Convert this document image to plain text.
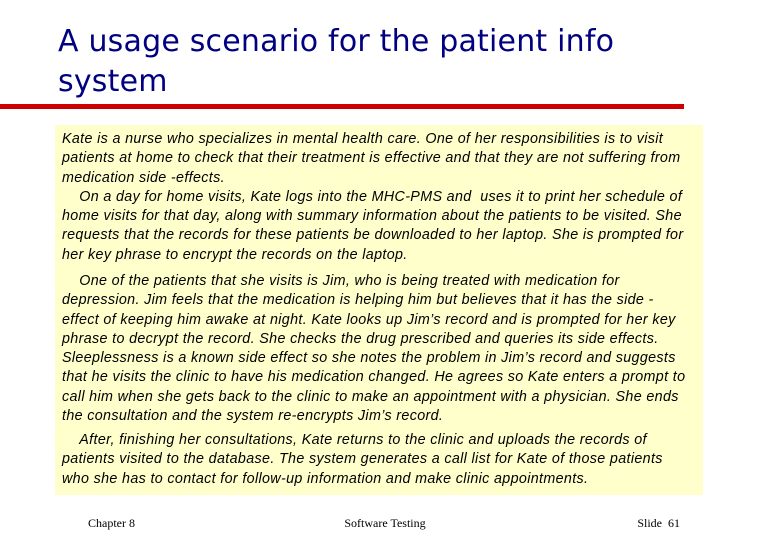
A usage scenario for the patient info system

Kate is a nurse who specializes in mental health care. One of her responsibilities is to visit patients at home to check that their treatment is effective and that they are not suffering from medication side -effects.
On a day for home visits, Kate logs into the MHC-PMS and  uses it to print her schedule of home visits for that day, along with summary information about the patients to be visited. She requests that the records for these patients be downloaded to her laptop. She is prompted for her key phrase to encrypt the records on the laptop.

One of the patients that she visits is Jim, who is being treated with medication for depression. Jim feels that the medication is helping him but believes that it has the side - effect of keeping him awake at night. Kate looks up Jim’s record and is prompted for her key phrase to decrypt the record. She checks the drug prescribed and queries its side effects. Sleeplessness is a known side effect so she notes the problem in Jim’s record and suggests that he visits the clinic to have his medication changed. He agrees so Kate enters a prompt to call him when she gets back to the clinic to make an appointment with a physician. She ends the consultation and the system re-encrypts Jim’s record.

After, finishing her consultations, Kate returns to the clinic and uploads the records of patients visited to the database. The system generates a call list for Kate of those patients who she has to contact for follow-up information and make clinic appointments.

Chapter 8	Software Testing	Slide  61
